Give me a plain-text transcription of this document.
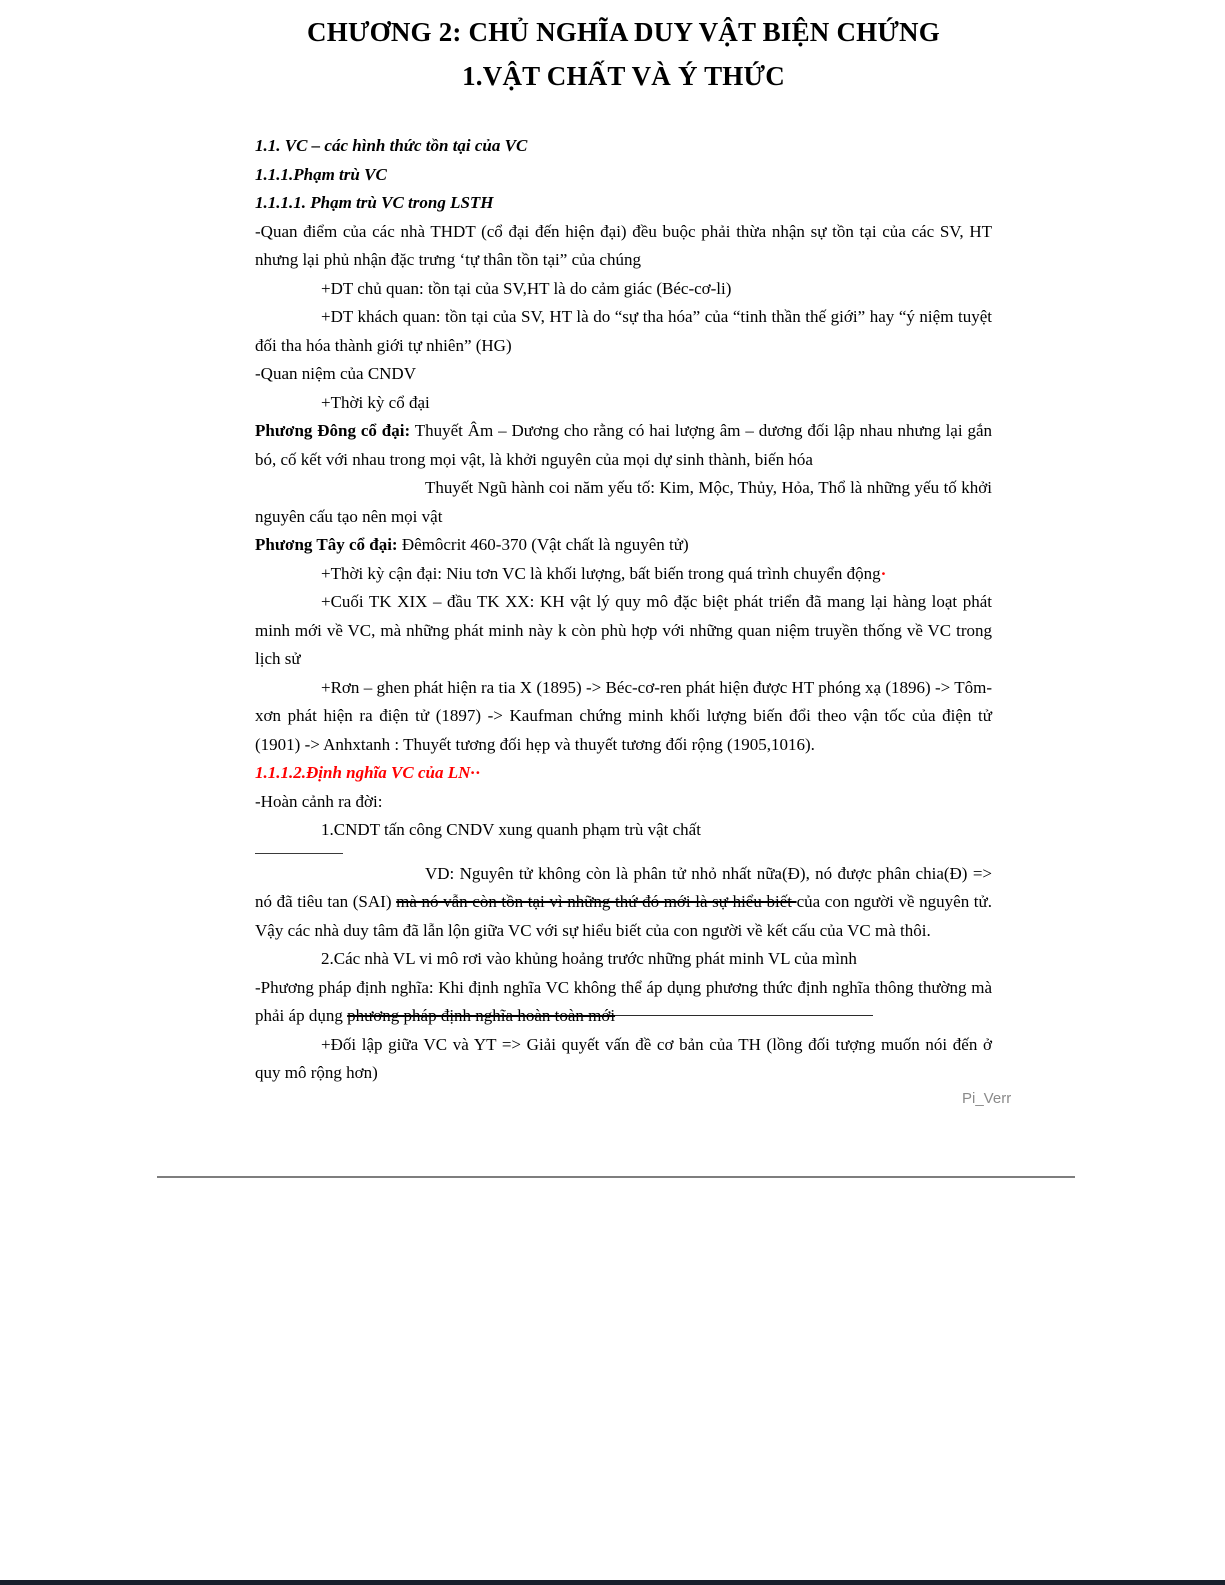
CHƯƠNG 2: CHỦ NGHĨA DUY VẬT BIỆN CHỨNG
1.VẬT CHẤT VÀ Ý THỨC

1.1. VC – các hình thức tồn tại của VC

1.1.1.Phạm trù VC

1.1.1.1. Phạm trù VC trong LSTH

-Quan điểm của các nhà THDT (cổ đại đến hiện đại) đều buộc phải thừa nhận sự tồn tại của các SV, HT nhưng lại phủ nhận đặc trưng ‘tự thân tồn tại” của chúng

+DT chủ quan: tồn tại của SV,HT là do cảm giác (Béc-cơ-li)

+DT khách quan: tồn tại của SV, HT là do “sự tha hóa” của “tinh thần thế giới” hay “ý niệm tuyệt đối tha hóa thành giới tự nhiên” (HG)

-Quan niệm của CNDV

+Thời kỳ cổ đại

Phương Đông cổ đại: Thuyết Âm – Dương cho rằng có hai lượng âm – dương đối lập nhau nhưng lại gắn bó, cố kết với nhau trong mọi vật, là khởi nguyên của mọi dự sinh thành, biến hóa

Thuyết Ngũ hành coi năm yếu tố: Kim, Mộc, Thủy, Hỏa, Thổ là những yếu tố khởi nguyên cấu tạo nên mọi vật

Phương Tây cổ đại: Đêmôcrit 460-370 (Vật chất là nguyên tử)

+Thời kỳ cận đại: Niu tơn VC là khối lượng, bất biến trong quá trình chuyển động·

+Cuối TK XIX – đầu TK XX: KH vật lý quy mô đặc biệt phát triển đã mang lại hàng loạt phát minh mới về VC, mà những phát minh này k còn phù hợp với những quan niệm truyền thống về VC trong lịch sử

+Rơn – ghen phát hiện ra tia X (1895) -> Béc-cơ-ren phát hiện được HT phóng xạ (1896) -> Tôm-xơn phát hiện ra điện tử (1897) -> Kaufman chứng minh khối lượng biến đổi theo vận tốc của điện tử (1901) -> Anhxtanh : Thuyết tương đối hẹp và thuyết tương đối rộng (1905,1016).

1.1.1.2.Định nghĩa VC của LN··

-Hoàn cảnh ra đời:

1.CNDT tấn công CNDV xung quanh phạm trù vật chất

VD: Nguyên tử không còn là phân tử nhỏ nhất nữa(Đ), nó được phân chia(Đ) => nó đã tiêu tan (SAI) mà nó vẫn còn tồn tại vì những thứ đó mới là sự hiểu biết của con người về nguyên tử. Vậy các nhà duy tâm đã lẫn lộn giữa VC với sự hiểu biết của con người về kết cấu của VC mà thôi.

2.Các nhà VL vi mô rơi vào khủng hoảng trước những phát minh VL của mình

-Phương pháp định nghĩa: Khi định nghĩa VC không thể áp dụng phương thức định nghĩa thông thường mà phải áp dụng phương pháp định nghĩa hoàn toàn mới

+Đối lập giữa VC và YT => Giải quyết vấn đề cơ bản của TH (lồng đối tượng muốn nói đến ở quy mô rộng hơn)

Pi_Verr
